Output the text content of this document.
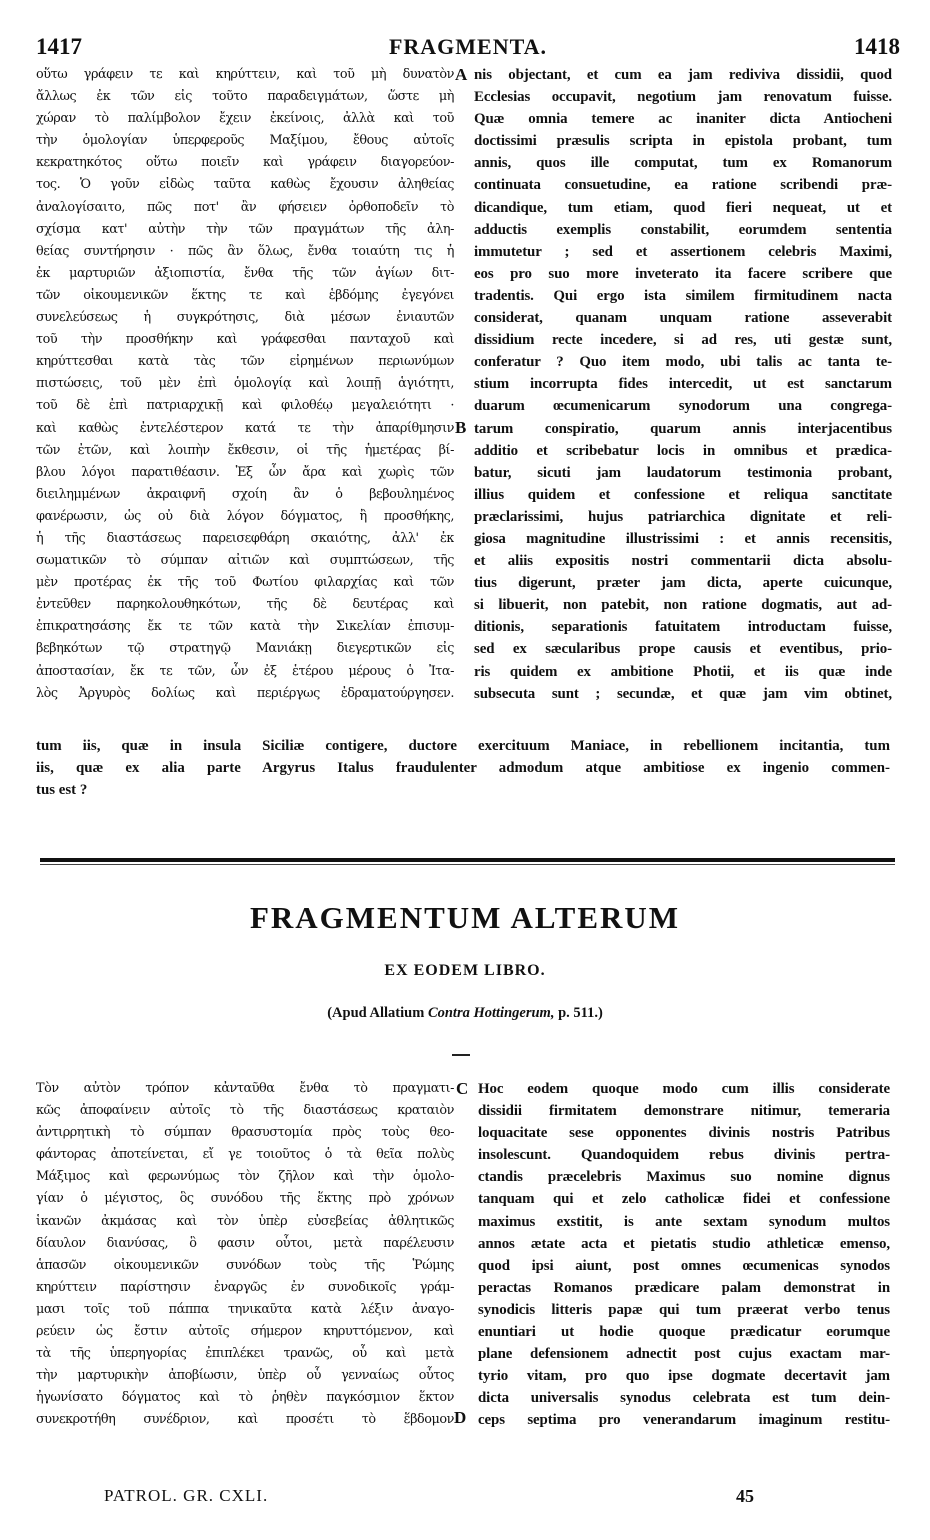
1417	FRAGMENTA.	1418
οὕτω γράφειν τε καὶ κηρύττειν, καὶ τοῦ μὴ δυνατὸν
ἄλλως ἐκ τῶν εἰς τοῦτο παραδειγμάτων, ὥστε μὴ
χώραν τὸ παλίμβολον ἔχειν ἐκείνοις, ἀλλὰ καὶ τοῦ
τὴν ὁμολογίαν ὑπερφεροῦς Μαξίμου, ἔθους αὐτοῖς
κεκρατηκότος οὕτω ποιεῖν καὶ γράφειν διαγορεύον-
τος. Ὁ γοῦν εἰδὼς ταῦτα καθὼς ἔχουσιν ἀληθείας
ἀναλογίσαιτο, πῶς ποτ' ἂν φήσειεν ὀρθοποδεῖν τὸ
σχίσμα κατ' αὐτὴν τὴν τῶν πραγμάτων τῆς ἀλη-
θείας συντήρησιν · πῶς ἂν ὅλως, ἔνθα τοιαύτη τις ἡ
ἐκ μαρτυριῶν ἀξιοπιστία, ἔνθα τῆς τῶν ἁγίων διτ-
τῶν οἰκουμενικῶν ἕκτης τε καὶ ἑβδόμης ἐγεγόνει
συνελεύσεως ἡ συγκρότησις, διὰ μέσων ἐνιαυτῶν
τοῦ τὴν προσθήκην καὶ γράφεσθαι πανταχοῦ καὶ
κηρύττεσθαι κατὰ τὰς τῶν εἰρημένων περιωνύμων
πιστώσεις, τοῦ μὲν ἐπὶ ὁμολογίᾳ καὶ λοιπῇ ἁγιότητι,
τοῦ δὲ ἐπὶ πατριαρχικῇ καὶ φιλοθέῳ μεγαλειότητι ·
καὶ καθὼς ἐντελέστερον κατά τε τὴν ἀπαρίθμησιν
τῶν ἐτῶν, καὶ λοιπὴν ἔκθεσιν, οἱ τῆς ἡμετέρας βί-
βλου λόγοι παρατιθέασιν. Ἐξ ὧν ἄρα καὶ χωρὶς τῶν
διειλημμένων ἀκραιφνῆ σχοίη ἂν ὁ βεβουλημένος
φανέρωσιν, ὡς οὐ διὰ λόγον δόγματος, ἢ προσθήκης,
ἡ τῆς διαστάσεως παρεισεφθάρη σκαιότης, ἀλλ' ἐκ
σωματικῶν τὸ σύμπαν αἰτιῶν καὶ συμπτώσεων, τῆς
μὲν προτέρας ἐκ τῆς τοῦ Φωτίου φιλαρχίας καὶ τῶν
ἐντεῦθεν παρηκολουθηκότων, τῆς δὲ δευτέρας καὶ
ἐπικρατησάσης ἔκ τε τῶν κατὰ τὴν Σικελίαν ἐπισυμ-
βεβηκότων τῷ στρατηγῷ Μανιάκῃ διεγερτικῶν εἰς
ἀποστασίαν, ἔκ τε τῶν, ὧν ἐξ ἑτέρου μέρους ὁ Ἰτα-
λὸς Ἀργυρὸς δολίως καὶ περιέργως ἐδραματούργησεν.
nis objectant, et cum ea jam rediviva dissidii, quod
Ecclesias occupavit, negotium jam renovatum fuisse.
Quæ omnia temere ac inaniter dicta Antiocheni
doctissimi præsulis scripta in epistola probant, tum
annis, quos ille computat, tum ex Romanorum
continuata consuetudine, ea ratione scribendi præ-
dicandique, tum etiam, quod fieri nequeat, ut et
adductis exemplis constabilit, eorumdem sententia
immutetur ; sed et assertionem celebris Maximi,
eos pro suo more inveterato ita facere scribere que
tradentis. Qui ergo ista similem firmitudinem nacta
considerat, quanam unquam ratione asseverabit
dissidium recte incedere, si ad res, uti gestæ sunt,
conferatur ? Quo item modo, ubi talis ac tanta te-
stium incorrupta fides intercedit, ut est sanctarum
duarum œcumenicarum synodorum una congrega-
tarum conspiratio, quarum annis interjacentibus
additio et scribebatur locis in omnibus et prædica-
batur, sicuti jam laudatorum testimonia probant,
illius quidem et confessione et reliqua sanctitate
præclarissimi, hujus patriarchica dignitate et reli-
giosa magnitudine illustrissimi : et annis recensitis,
et aliis expositis nostri commentarii dicta absolu-
tius digerunt, præter jam dicta, aperte cuicunque,
si libuerit, non patebit, non ratione dogmatis, aut ad-
ditionis, separationis fatuitatem introductam fuisse,
sed ex sæcularibus prope causis et eventibus, prio-
ris quidem ex ambitione Photii, et iis quæ inde
subsecuta sunt ; secundæ, et quæ jam vim obtinet,
A
B
tum iis, quæ in insula Siciliæ contigere, ductore exercituum Maniace, in rebellionem incitantia, tum
iis, quæ ex alia parte Argyrus Italus fraudulenter admodum atque ambitiose ex ingenio commen-
tus est ?
FRAGMENTUM ALTERUM
EX EODEM LIBRO.
(Apud Allatium Contra Hottingerum, p. 511.)
Τὸν αὐτὸν τρόπον κἀνταῦθα ἔνθα τὸ πραγματι-
κῶς ἀποφαίνειν αὐτοῖς τὸ τῆς διαστάσεως κραταιὸν
ἀντιρρητικὴ τὸ σύμπαν θρασυστομία πρὸς τοὺς θεο-
φάντορας ἀποτείνεται, εἴ γε τοιοῦτος ὁ τὰ θεῖα πολὺς
Μάξιμος καὶ φερωνύμως τὸν ζῆλον καὶ τὴν ὁμολο-
γίαν ὁ μέγιστος, ὃς συνόδου τῆς ἕκτης πρὸ χρόνων
ἱκανῶν ἀκμάσας καὶ τὸν ὑπὲρ εὐσεβείας ἀθλητικῶς
δίαυλον διανύσας, ὃ φασιν οὗτοι, μετὰ παρέλευσιν
ἁπασῶν οἰκουμενικῶν συνόδων τοὺς τῆς Ῥώμης
κηρύττειν παρίστησιν ἐναργῶς ἐν συνοδικοῖς γράμ-
μασι τοῖς τοῦ πάππα τηνικαῦτα κατὰ λέξιν ἀναγο-
ρεύειν ὡς ἔστιν αὐτοῖς σήμερον κηρυττόμενον, καὶ
τὰ τῆς ὑπερηγορίας ἐπιπλέκει τρανῶς, οὗ καὶ μετὰ
τὴν μαρτυρικὴν ἀποβίωσιν, ὑπὲρ οὗ γενναίως οὗτος
ἠγωνίσατο δόγματος καὶ τὸ ῥηθὲν παγκόσμιον ἕκτον
συνεκροτήθη συνέδριον, καὶ προσέτι τὸ ἕβδομον
Hoc eodem quoque modo cum illis considerate
dissidii firmitatem demonstrare nitimur, temeraria
loquacitate sese opponentes divinis nostris Patribus
insolescunt. Quandoquidem rebus divinis pertra-
ctandis præcelebris Maximus suo nomine dignus
tanquam qui et zelo catholicæ fidei et confessione
maximus exstitit, is ante sextam synodum multos
annos ætate acta et pietatis studio athleticæ emenso,
quod ipsi aiunt, post omnes œcumenicas synodos
peractas Romanos prædicare palam demonstrat in
synodicis litteris papæ qui tum præerat verbo tenus
enuntiari ut hodie quoque prædicatur eorumque
plane defensionem adnectit post cujus exactam mar-
tyrio vitam, pro quo ipse dogmate decertavit jam
dicta universalis synodus celebrata est tum dein-
ceps septima pro venerandarum imaginum restitu-
C
D
PATROL. GR. CXLI.	45
